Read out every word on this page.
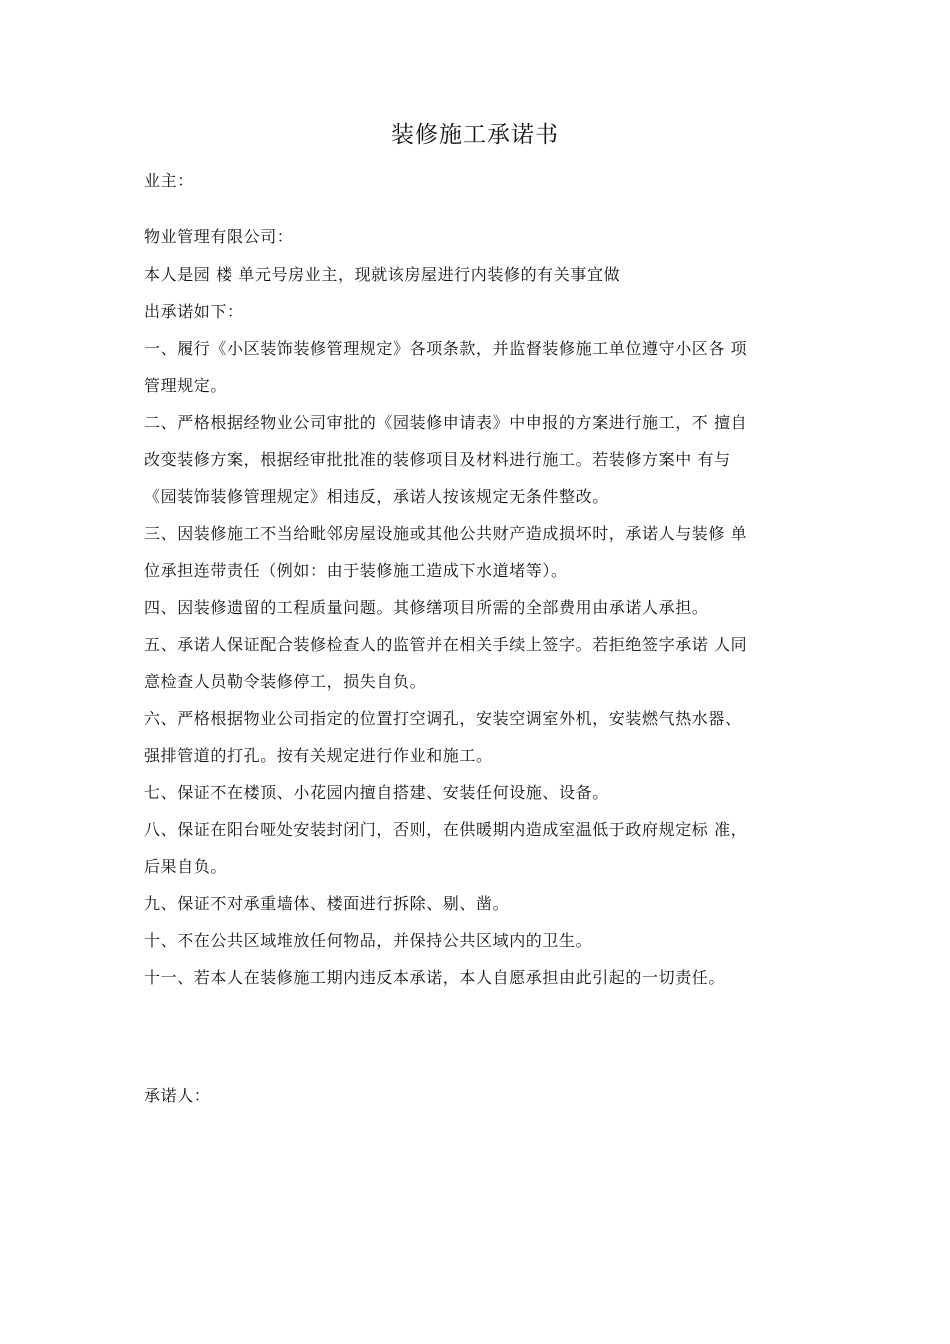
装修施工承诺书
业主：
物业管理有限公司：
本人是园 楼 单元号房业主，现就该房屋进行内装修的有关事宜做
出承诺如下：
一、履行《小区装饰装修管理规定》各项条款，并监督装修施工单位遵守小区各 项
管理规定。
二、严格根据经物业公司审批的《园装修申请表》中申报的方案进行施工，不 擅自
改变装修方案，根据经审批批准的装修项目及材料进行施工。若装修方案中 有与
《园装饰装修管理规定》相违反，承诺人按该规定无条件整改。
三、因装修施工不当给毗邻房屋设施或其他公共财产造成损坏时，承诺人与装修 单
位承担连带责任（例如：由于装修施工造成下水道堵等）。
四、因装修遗留的工程质量问题。其修缮项目所需的全部费用由承诺人承担。
五、承诺人保证配合装修检查人的监管并在相关手续上签字。若拒绝签字承诺 人同
意检查人员勒令装修停工，损失自负。
六、严格根据物业公司指定的位置打空调孔，安装空调室外机，安装燃气热水器、
强排管道的打孔。按有关规定进行作业和施工。
七、保证不在楼顶、小花园内擅自搭建、安装任何设施、设备。
八、保证在阳台哑处安装封闭门，否则，在供暖期内造成室温低于政府规定标 准，
后果自负。
九、保证不对承重墙体、楼面进行拆除、剔、凿。
十、不在公共区域堆放任何物品，并保持公共区域内的卫生。
十一、若本人在装修施工期内违反本承诺，本人自愿承担由此引起的一切责任。
承诺人：
